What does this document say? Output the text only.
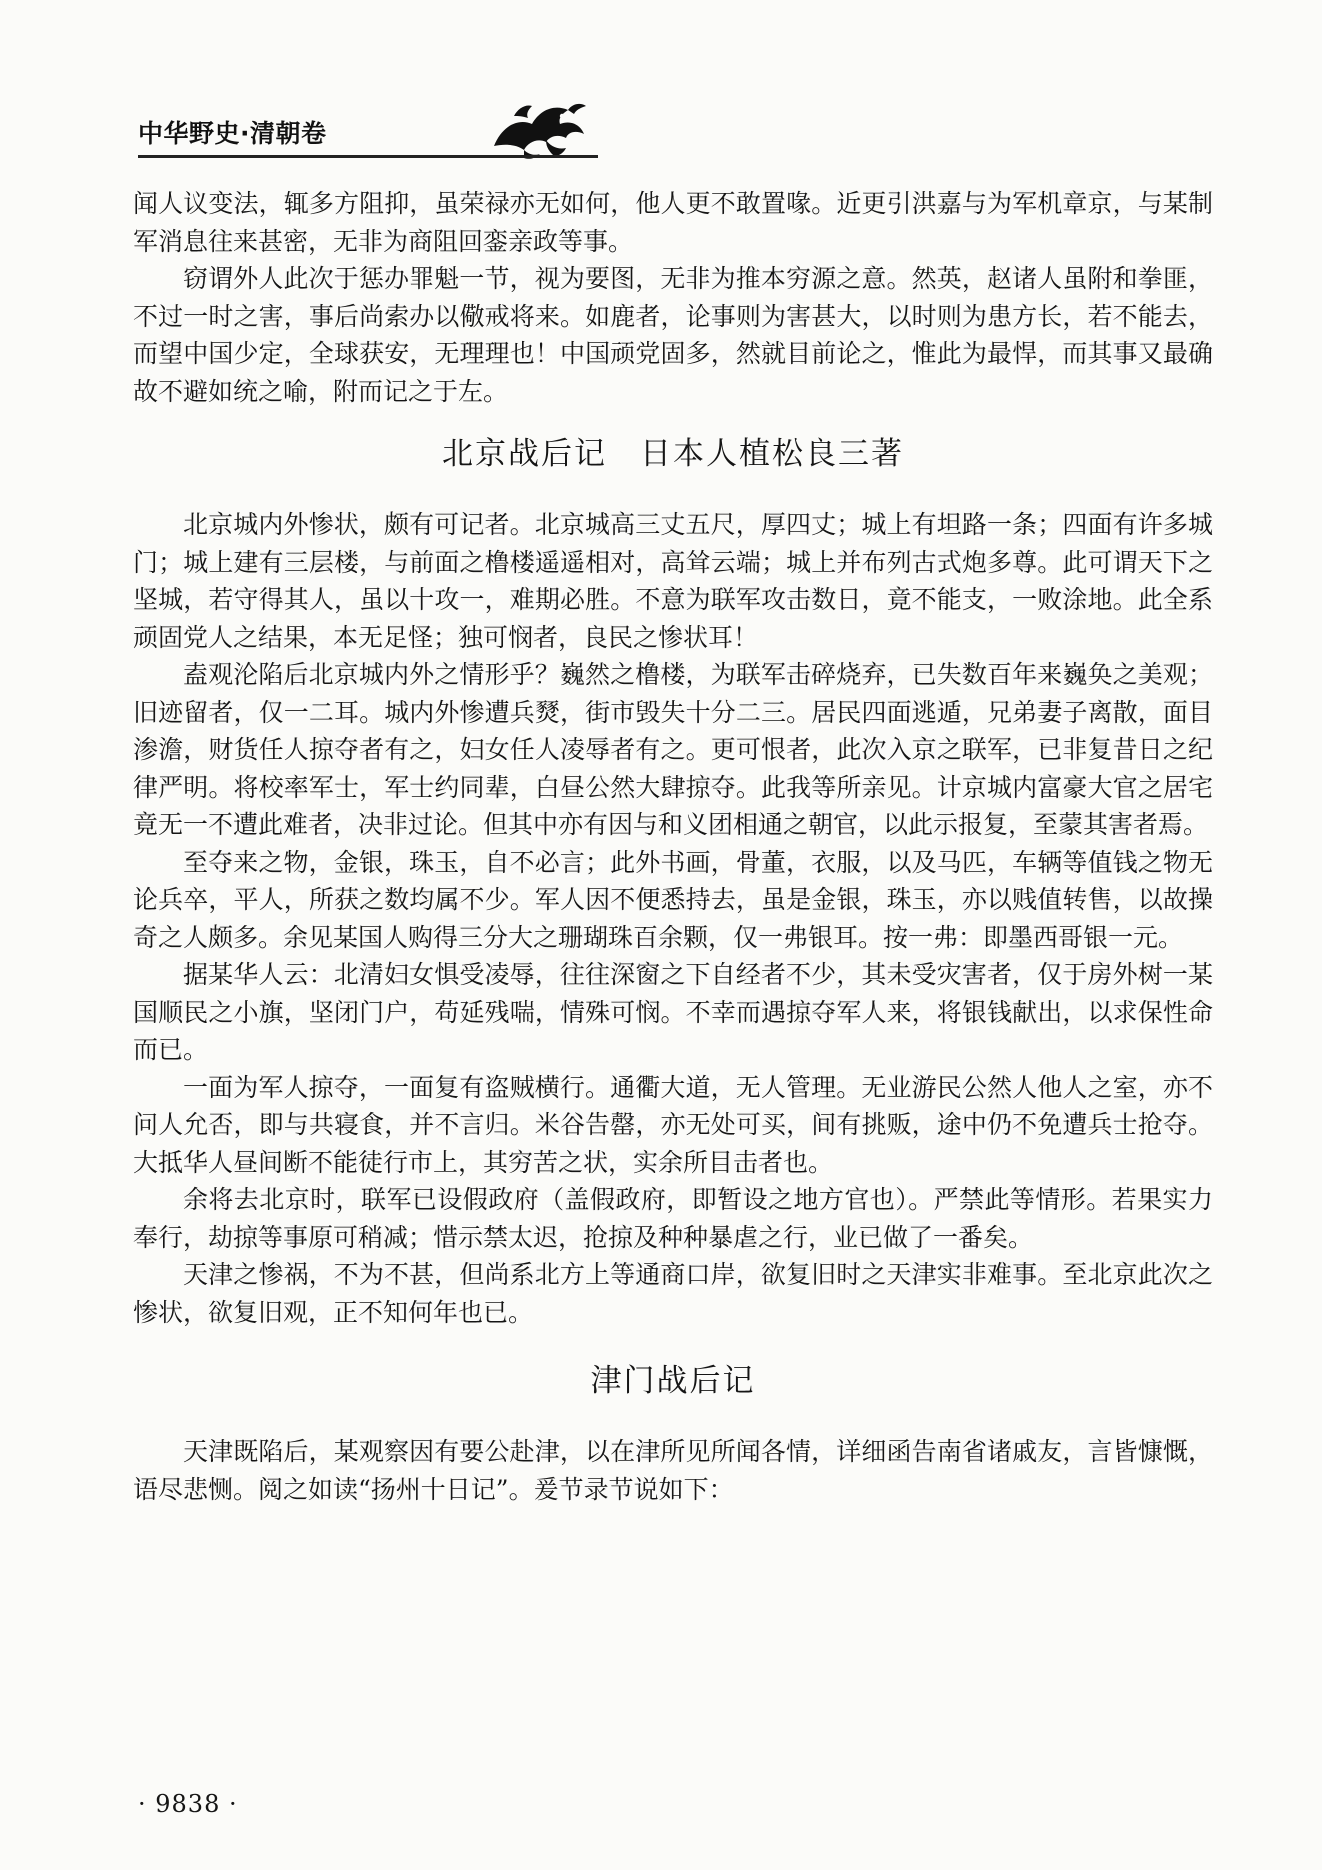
中华野史·清朝卷

闻人议变法，辄多方阻抑，虽荣禄亦无如何，他人更不敢置喙。近更引洪嘉与为军机章京，与某制军消息往来甚密，无非为商阻回銮亲政等事。

窃谓外人此次于惩办罪魁一节，视为要图，无非为推本穷源之意。然英，赵诸人虽附和拳匪，不过一时之害，事后尚索办以儆戒将来。如鹿者，论事则为害甚大，以时则为患方长，若不能去，而望中国少定，全球获安，无理理也！中国顽党固多，然就目前论之，惟此为最悍，而其事又最确故不避如统之喻，附而记之于左。

北京战后记　日本人植松良三著

北京城内外惨状，颇有可记者。北京城高三丈五尺，厚四丈；城上有坦路一条；四面有许多城门；城上建有三层楼，与前面之橹楼遥遥相对，高耸云端；城上并布列古式炮多尊。此可谓天下之坚城，若守得其人，虽以十攻一，难期必胜。不意为联军攻击数日，竟不能支，一败涂地。此全系顽固党人之结果，本无足怪；独可悯者，良民之惨状耳！

盍观沦陷后北京城内外之情形乎？巍然之橹楼，为联军击碎烧弃，已失数百年来巍奂之美观；旧迹留者，仅一二耳。城内外惨遭兵燹，街市毁失十分二三。居民四面逃遁，兄弟妻子离散，面目渗澹，财货任人掠夺者有之，妇女任人凌辱者有之。更可恨者，此次入京之联军，已非复昔日之纪律严明。将校率军士，军士约同辈，白昼公然大肆掠夺。此我等所亲见。计京城内富豪大官之居宅竟无一不遭此难者，决非过论。但其中亦有因与和义团相通之朝官，以此示报复，至蒙其害者焉。

至夺来之物，金银，珠玉，自不必言；此外书画，骨董，衣服，以及马匹，车辆等值钱之物无论兵卒，平人，所获之数均属不少。军人因不便悉持去，虽是金银，珠玉，亦以贱值转售，以故操奇之人颇多。余见某国人购得三分大之珊瑚珠百余颗，仅一弗银耳。按一弗：即墨西哥银一元。

据某华人云：北清妇女惧受凌辱，往往深窗之下自经者不少，其未受灾害者，仅于房外树一某国顺民之小旗，坚闭门户，苟延残喘，情殊可悯。不幸而遇掠夺军人来，将银钱献出，以求保性命而已。

一面为军人掠夺，一面复有盗贼横行。通衢大道，无人管理。无业游民公然人他人之室，亦不问人允否，即与共寝食，并不言归。米谷告罄，亦无处可买，间有挑贩，途中仍不免遭兵士抢夺。大抵华人昼间断不能徒行市上，其穷苦之状，实余所目击者也。

余将去北京时，联军已设假政府（盖假政府，即暂设之地方官也）。严禁此等情形。若果实力奉行，劫掠等事原可稍减；惜示禁太迟，抢掠及种种暴虐之行，业已做了一番矣。

天津之惨祸，不为不甚，但尚系北方上等通商口岸，欲复旧时之天津实非难事。至北京此次之惨状，欲复旧观，正不知何年也已。

津门战后记

天津既陷后，某观察因有要公赴津，以在津所见所闻各情，详细函告南省诸戚友，言皆慷慨，语尽悲恻。阅之如读“扬州十日记”。爰节录节说如下：

· 9838 ·
